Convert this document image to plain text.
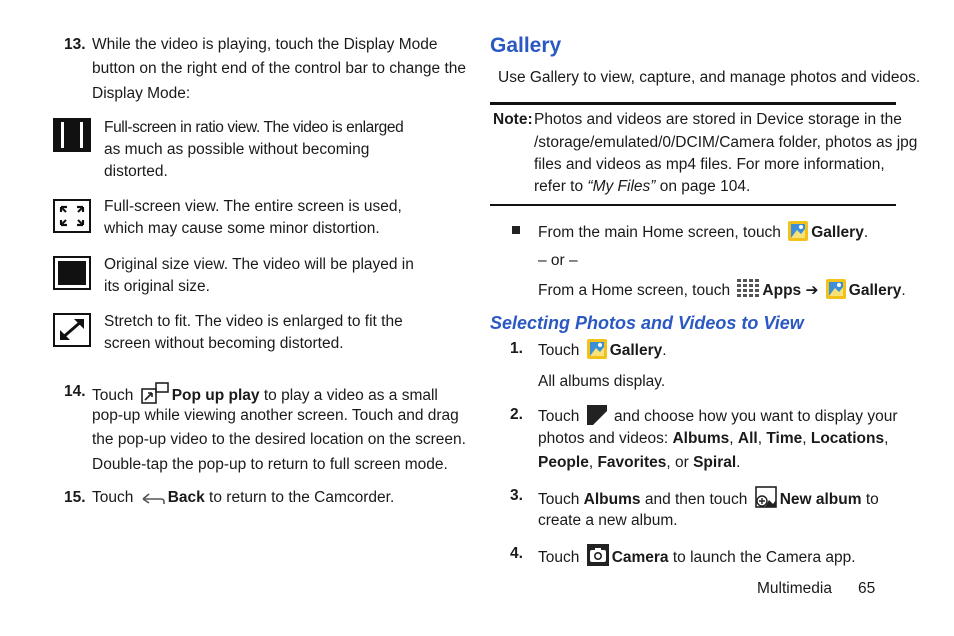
13. While the video is playing, touch the Display Mode
button on the right end of the control bar to change the
Display Mode:
Full-screen in ratio view. The video is enlarged
as much as possible without becoming
distorted.
Full-screen view. The entire screen is used,
which may cause some minor distortion.
Original size view. The video will be played in
its original size.
Stretch to fit. The video is enlarged to fit the
screen without becoming distorted.
14. Touch Pop up play to play a video as a small
pop-up while viewing another screen. Touch and drag
the pop-up video to the desired location on the screen.
Double-tap the pop-up to return to full screen mode.
15. Touch Back to return to the Camcorder.
Gallery
Use Gallery to view, capture, and manage photos and videos.
Note: Photos and videos are stored in Device storage in the
/storage/emulated/0/DCIM/Camera folder, photos as jpg
files and videos as mp4 files. For more information,
refer to “My Files” on page 104.
From the main Home screen, touch Gallery.
– or –
From a Home screen, touch Apps ➔ Gallery.
Selecting Photos and Videos to View
1. Touch Gallery.
All albums display.
2. Touch  and choose how you want to display your
photos and videos: Albums, All, Time, Locations,
People, Favorites, or Spiral.
3. Touch Albums and then touch New album to
create a new album.
4. Touch Camera to launch the Camera app.
Multimedia 65
